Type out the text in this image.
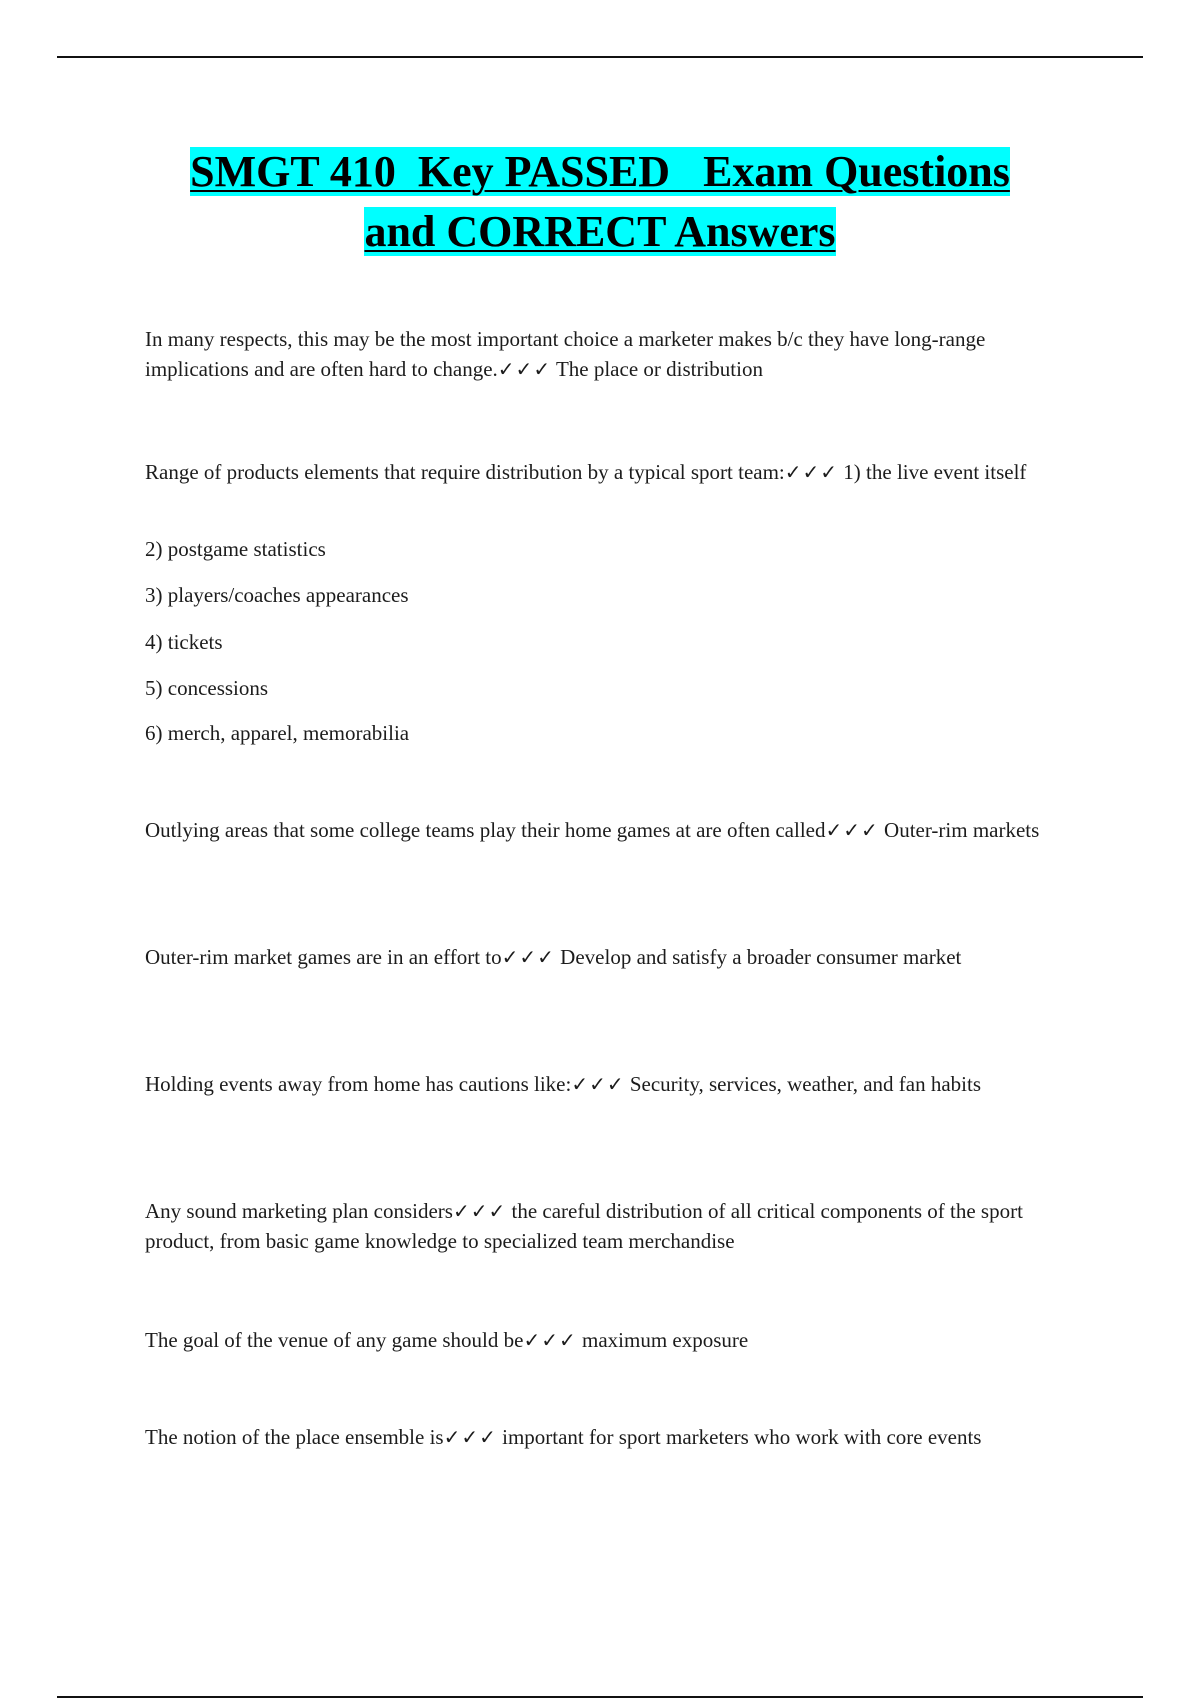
SMGT 410  Key PASSED   Exam Questions
and CORRECT Answers

In many respects, this may be the most important choice a marketer makes b/c they have long-range implications and are often hard to change.✓✓✓ The place or distribution

Range of products elements that require distribution by a typical sport team:✓✓✓ 1) the live event itself

2) postgame statistics

3) players/coaches appearances

4) tickets

5) concessions

6) merch, apparel, memorabilia

Outlying areas that some college teams play their home games at are often called✓✓✓ Outer-rim markets

Outer-rim market games are in an effort to✓✓✓ Develop and satisfy a broader consumer market

Holding events away from home has cautions like:✓✓✓ Security, services, weather, and fan habits

Any sound marketing plan considers✓✓✓ the careful distribution of all critical components of the sport product, from basic game knowledge to specialized team merchandise

The goal of the venue of any game should be✓✓✓ maximum exposure

The notion of the place ensemble is✓✓✓ important for sport marketers who work with core events
